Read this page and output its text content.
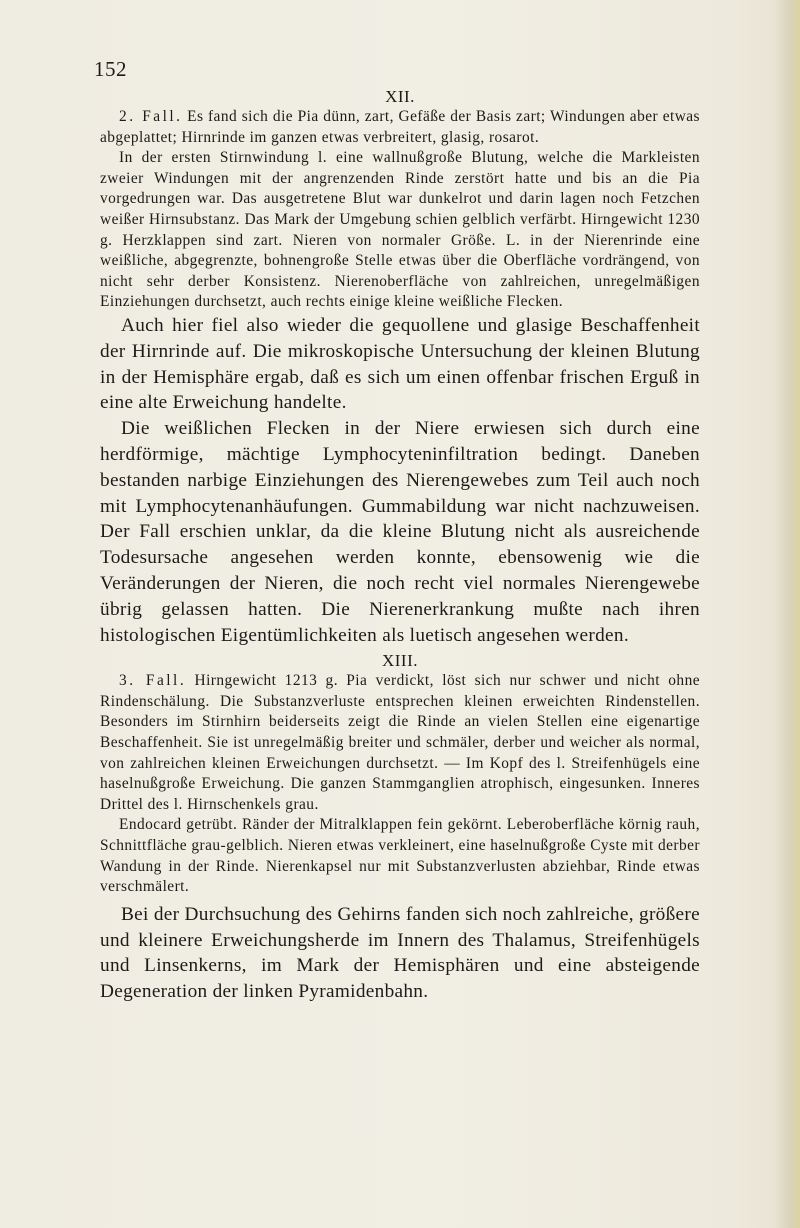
152
XII.

2. Fall. Es fand sich die Pia dünn, zart, Gefäße der Basis zart; Windungen aber etwas abgeplattet; Hirnrinde im ganzen etwas verbreitert, glasig, rosarot.

In der ersten Stirnwindung l. eine wallnußgroße Blutung, welche die Markleisten zweier Windungen mit der angrenzenden Rinde zerstört hatte und bis an die Pia vorgedrungen war. Das ausgetretene Blut war dunkelrot und darin lagen noch Fetzchen weißer Hirnsubstanz. Das Mark der Umgebung schien gelblich verfärbt. Hirngewicht 1230 g. Herzklappen sind zart. Nieren von normaler Größe. L. in der Nierenrinde eine weißliche, abgegrenzte, bohnengroße Stelle etwas über die Oberfläche vordrängend, von nicht sehr derber Konsistenz. Nierenoberfläche von zahlreichen, unregelmäßigen Einziehungen durchsetzt, auch rechts einige kleine weißliche Flecken.

Auch hier fiel also wieder die gequollene und glasige Beschaffenheit der Hirnrinde auf. Die mikroskopische Untersuchung der kleinen Blutung in der Hemisphäre ergab, daß es sich um einen offenbar frischen Erguß in eine alte Erweichung handelte.

Die weißlichen Flecken in der Niere erwiesen sich durch eine herdförmige, mächtige Lymphocyteninfiltration bedingt. Daneben bestanden narbige Einziehungen des Nierengewebes zum Teil auch noch mit Lymphocytenanhäufungen. Gummabildung war nicht nachzuweisen. Der Fall erschien unklar, da die kleine Blutung nicht als ausreichende Todesursache angesehen werden konnte, ebensowenig wie die Veränderungen der Nieren, die noch recht viel normales Nierengewebe übrig gelassen hatten. Die Nierenerkrankung mußte nach ihren histologischen Eigentümlichkeiten als luetisch angesehen werden.

XIII.

3. Fall. Hirngewicht 1213 g. Pia verdickt, löst sich nur schwer und nicht ohne Rindenschälung. Die Substanzverluste entsprechen kleinen erweichten Rindenstellen. Besonders im Stirnhirn beiderseits zeigt die Rinde an vielen Stellen eine eigenartige Beschaffenheit. Sie ist unregelmäßig breiter und schmäler, derber und weicher als normal, von zahlreichen kleinen Erweichungen durchsetzt. — Im Kopf des l. Streifenhügels eine haselnußgroße Erweichung. Die ganzen Stammganglien atrophisch, eingesunken. Inneres Drittel des l. Hirnschenkels grau.

Endocard getrübt. Ränder der Mitralklappen fein gekörnt. Leberoberfläche körnig rauh, Schnittfläche grau-gelblich. Nieren etwas verkleinert, eine haselnußgroße Cyste mit derber Wandung in der Rinde. Nierenkapsel nur mit Substanzverlusten abziehbar, Rinde etwas verschmälert.

Bei der Durchsuchung des Gehirns fanden sich noch zahlreiche, größere und kleinere Erweichungsherde im Innern des Thalamus, Streifenhügels und Linsenkerns, im Mark der Hemisphären und eine absteigende Degeneration der linken Pyramidenbahn.
